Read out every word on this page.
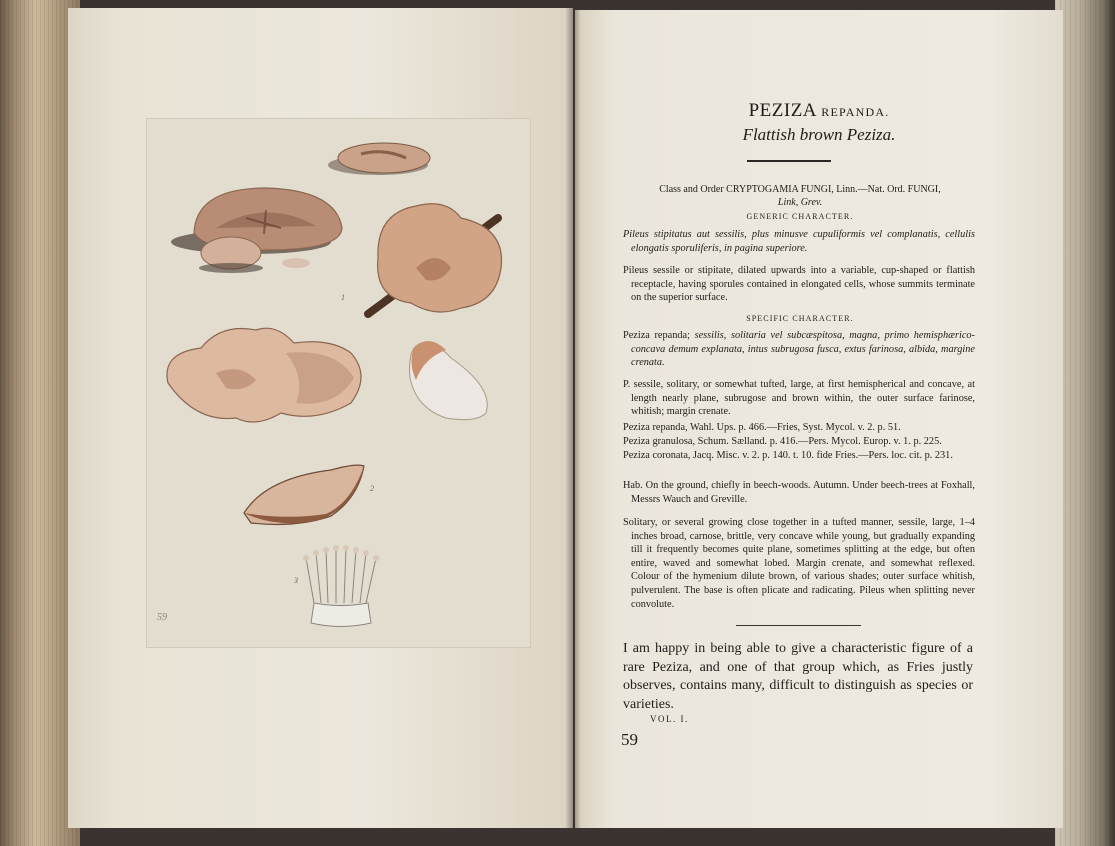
1
2
3
59
PEZIZA REPANDA.
Flattish brown Peziza.
Class and Order CRYPTOGAMIA FUNGI, Linn.—Nat. Ord. FUNGI,
Link, Grev.
GENERIC CHARACTER.
Pileus stipitatus aut sessilis, plus minusve cupuliformis vel complanatis, cellulis elongatis sporuliferis, in pagina superiore.
Pileus sessile or stipitate, dilated upwards into a variable, cup-shaped or flattish receptacle, having sporules contained in elongated cells, whose summits terminate on the superior surface.
SPECIFIC CHARACTER.
Peziza repanda; sessilis, solitaria vel subcæspitosa, magna, primo hemisphærico-concava demum explanata, intus subrugosa fusca, extus farinosa, albida, margine crenata.
P. sessile, solitary, or somewhat tufted, large, at first hemispherical and concave, at length nearly plane, subrugose and brown within, the outer surface farinose, whitish; margin crenate.
Peziza repanda, Wahl. Ups. p. 466.—Fries, Syst. Mycol. v. 2. p. 51.
Peziza granulosa, Schum. Sælland. p. 416.—Pers. Mycol. Europ. v. 1. p. 225.
Peziza coronata, Jacq. Misc. v. 2. p. 140. t. 10. fide Fries.—Pers. loc. cit. p. 231.
Hab. On the ground, chiefly in beech-woods. Autumn. Under beech-trees at Foxhall, Messrs Wauch and Greville.
Solitary, or several growing close together in a tufted manner, sessile, large, 1–4 inches broad, carnose, brittle, very concave while young, but gradually expanding till it frequently becomes quite plane, sometimes splitting at the edge, but often entire, waved and somewhat lobed. Margin crenate, and somewhat reflexed. Colour of the hymenium dilute brown, of various shades; outer surface whitish, pulverulent. The base is often plicate and radicating. Pileus when splitting never convolute.
I am happy in being able to give a characteristic figure of a rare Peziza, and one of that group which, as Fries justly observes, contains many, difficult to distinguish as species or varieties.
VOL. I.
59
